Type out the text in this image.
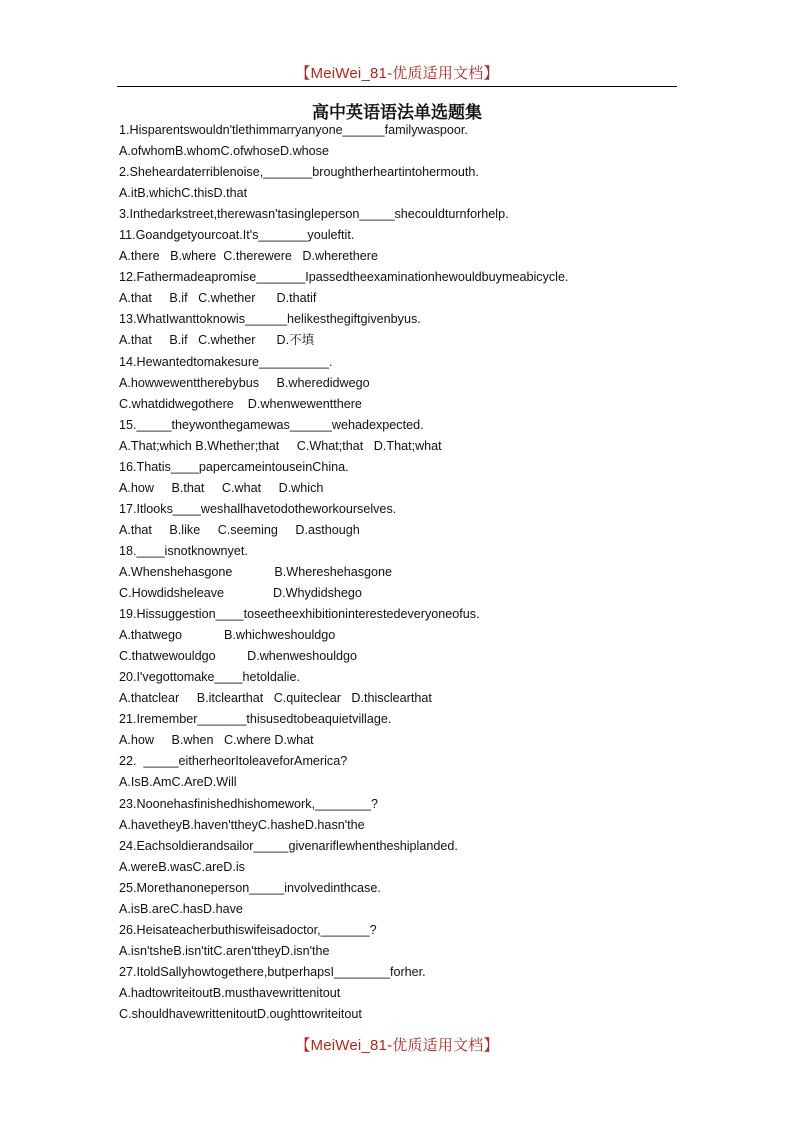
【MeiWei_81-优质适用文档】
高中英语语法单选题集
1.Hisparentswouldn'tlethimmarryanyone______familywaspoor.
A.ofwhomB.whomC.ofwhoseD.whose
2.Sheheardaterriblenoise,_______broughtherheartintohermouth.
A.itB.whichC.thisD.that
3.Inthedarkstreet,therewasn'tasingleperson_____shecouldturnforhelp.
11.Goandgetyourcoat.It's_______youleftit.
A.there   B.where  C.therewere   D.wherethere
12.Fathermadeapromise_______Ipassedtheexaminationhewouldbuymeabicycle.
A.that     B.if   C.whether      D.thatif
13.WhatIwanttoknowis______helikesthegiftgivenbyus.
A.that     B.if   C.whether      D.不填
14.Hewantedtomakesure__________.
A.howwewenttherebybus     B.wheredidwego
C.whatdidwegothere    D.whenwewentthere
15._____theywonthegamewas______wehadexpected.
A.That;which B.Whether;that     C.What;that   D.That;what
16.Thatis____papercameintouseinChina.
A.how     B.that     C.what     D.which
17.Itlooks____weshallhavetodotheworkourselves.
A.that     B.like     C.seeming     D.asthough
18.____isnotknownyet.
A.Whenshehasgone            B.Whereshehasgone
C.Howdidsheleave              D.Whydidshego
19.Hissuggestion____toseetheexhibitioninterestedeveryoneofus.
A.thatwego            B.whichweshouldgo
C.thatwewouldgo         D.whenweshouldgo
20.I'vegottomake____hetoldalie.
A.thatclear     B.itclearthat   C.quiteclear   D.thisclearthat
21.Iremember_______thisusedtobeaquietvillage.
A.how     B.when   C.where D.what
22.  _____eitherheorItoleaveforAmerica?
A.IsB.AmC.AreD.Will
23.Noonehasfinishedhishomework,________?
A.havetheyB.haven'ttheyC.hasheD.hasn'the
24.Eachsoldierandsailor_____givenariflewhentheshiplanded.
A.wereB.wasC.areD.is
25.Morethanoneperson_____involvedinthcase.
A.isB.areC.hasD.have
26.Heisateacherbuthiswifeisadoctor,_______?
A.isn'tsheB.isn'titC.aren'ttheyD.isn'the
27.ItoldSallyhowtogethere,butperhapsI________forher.
A.hadtowriteitoutB.musthavewrittenitout
C.shouldhavewrittenitoutD.oughttowriteitout
【MeiWei_81-优质适用文档】
